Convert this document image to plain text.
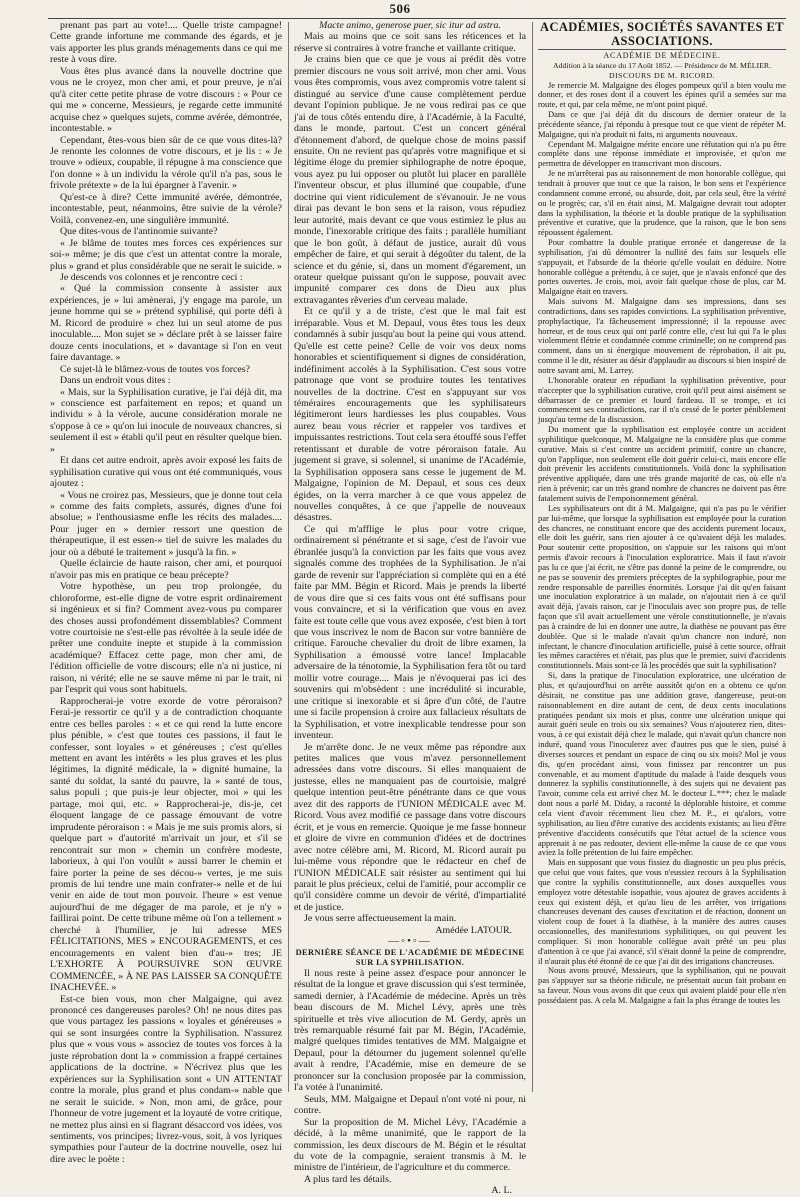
506

prenant pas part au vote!.... Quelle triste campagne! Cette grande infortune me commande des égards, et je vais apporter les plus grands ménagements dans ce qui me reste à vous dire.

Vous êtes plus avancé dans la nouvelle doctrine que vous ne le croyez, mon cher ami, et pour preuve, je n'ai qu'à citer cette petite phrase de votre discours : « Pour ce qui me » concerne, Messieurs, je regarde cette immunité acquise chez » quelques sujets, comme avérée, démontrée, incontestable. »

Cependant, êtes-vous bien sûr de ce que vous dites-là? Je renonte les colonnes de votre discours, et je lis : « Je trouve » odieux, coupable, il répugne à ma conscience que l'on donne » à un individu la vérole qu'il n'a pas, sous le frivole prétexte » de la lui épargner à l'avenir. »

Qu'est-ce à dire? Cette immunité avérée, démontrée, incontestable, peut, néanmoins, être suivie de la vérole? Voilà, convenez-en, une singulière immunité.

Que dites-vous de l'antinomie suivante?

« Je blâme de toutes mes forces ces expériences sur soi-» même; je dis que c'est un attentat contre la morale, plus » grand et plus considérable que ne serait le suicide. »

Je descends vos colonnes et je rencontre ceci :

« Qué la commission consente à assister aux expériences, je » lui amènerai, j'y engage ma parole, un jeune homme qui se » prétend syphilisé, qui porte défi à M. Ricord de produire » chez lui un seul atome de pus inoculable.... Mon sujet se » déclare prêt à se laisser faire douze cents inoculations, et » davantage si l'on en veut faire davantage. »

Ce sujet-là le blâmez-vous de toutes vos forces?

Dans un endroit vous dites :

« Mais, sur la Syphilisation curative, je l'ai déjà dit, ma » conscience est parfaitement en repos; et quand un individu » à la vérole, aucune considération morale ne s'oppose à ce » qu'on lui inocule de nouveaux chancres, si seulement il est » établi qu'il peut en résulter quelque bien. »

Et dans cet autre endroit, après avoir exposé les faits de syphilisation curative qui vous ont été communiqués, vous ajoutez :

« Vous ne croirez pas, Messieurs, que je donne tout cela » comme des faits complets, assurés, dignes d'une foi absolue; » l'enthousiasme enfle les récits des malades.... Pour juger en » dernier ressort une question de thérapeutique, il est essen-» tiel de suivre les malades du jour où a débuté le traitement » jusqu'à la fin. »

Quelle éclaircie de haute raison, cher ami, et pourquoi n'avoir pas mis en pratique ce beau précepte?

Votre hypothèse, un peu trop prolongée, du chloroforme, est-elle digne de votre esprit ordinairement si ingénieux et si fin? Comment avez-vous pu comparer des choses aussi profondément dissemblables? Comment votre courtoisie ne s'est-elle pas révoltée à la seule idée de prêter une conduite inepte et stupide à la commission académique? Effacez cette page, mon cher ami, de l'édition officielle de votre discours; elle n'a ni justice, ni raison, ni vérité; elle ne se sauve même ni par le trait, ni par l'esprit qui vous sont habituels.

Rapprocherai-je votre exorde de votre péroraison? Ferai-je ressortir ce qu'il y a de contradiction choquante entre ces belles paroles : « et ce qui rend la lutte encore plus pénible, » c'est que toutes ces passions, il faut le confesser, sont loyales » et généreuses ; c'est qu'elles mettent en avant les intérêts » les plus graves et les plus légitimes, la dignité médicale, la » dignité humaine, la santé du soldat, la santé du pauvre, la » santé de tous, salus populi ; que puis-je leur objecter, moi » qui les partage, moi qui, etc. » Rapprocherai-je, dis-je, cet éloquent langage de ce passage émouvant de votre imprudente péroraison : « Mais je me suis promis alors, si quelque part » d'autorité m'arrivait un jour, et s'il se rencontrait sur mon » chemin un confrère modeste, laborieux, à qui l'on voulût » aussi barrer le chemin et faire porter la peine de ses décou-» vertes, je me suis promis de lui tendre une main confrater-» nelle et de lui venir en aide de tout mon pouvoir. l'heure » est venue aujourd'hui de me dégager de ma parole, et je n'y » faillirai point. De cette tribune même où l'on a tellement » cherché à l'humilier, je lui adresse MES FÉLICITATIONS, MES » ENCOURAGEMENTS, et ces encouragements en valent bien d'au-» tres; JE L'EXHORTE À POURSUIVRE SON ŒUVRE COMMENCÉE, » À NE PAS LAISSER SA CONQUÊTE INACHEVÉE. »

Est-ce bien vous, mon cher Malgaigne, qui avez prononcé ces dangereuses paroles? Oh! ne nous dites pas que vous partagez les passions « loyales et généreuses » qui se sont insurgées contre la Syphilisation. N'assurez plus que « vous vous » associez de toutes vos forces à la juste réprobation dont la » commission a frappé certaines applications de la doctrine. » N'écrivez plus que les expériences sur la Syphilisation sont « UN ATTENTAT contre la morale, plus grand et plus condam-» nable que ne serait le suicide. » Non, mon ami, de grâce, pour l'honneur de votre jugement et la loyauté de votre critique, ne mettez plus ainsi en si flagrant désaccord vos idées, vos sentiments, vos principes; livrez-vous, soit, à vos lyriques sympathies pour l'auteur de la doctrine nouvelle, osez lui dire avec le poëte :

Macte animo, generose puer, sic itur ad astra.

Mais au moins que ce soit sans les réticences et la réserve si contraires à votre franche et vaillante critique.

Je crains bien que ce que je vous ai prédit dès votre premier discours ne vous soit arrivé, mon cher ami. Vous vous êtes compromis, vous avez compromis votre talent si distingué au service d'une cause complètement perdue devant l'opinion publique. Je ne vous redirai pas ce que j'ai de tous côtés entendu dire, à l'Académie, à la Faculté, dans le monde, partout. C'est un concert général d'étonnement d'abord, de quelque chose de moins passif ensuite. On ne revient pas qu'après votre magnifique et si légitime éloge du premier siphilographe de notre époque, vous ayez pu lui opposer ou plutôt lui placer en parallèle l'inventeur obscur, et plus illuminé que coupable, d'une doctrine qui vient ridiculement de s'évanouir. Je ne vous dirai pas devant le bon sens et la raison, vous répudiez leur autorité, mais devant ce que vous estimiez le plus au monde, l'inexorable critique des faits ; parallèle humiliant que le bon goût, à défaut de justice, aurait dû vous empêcher de faire, et qui serait à dégoûter du talent, de la science et du génie, si, dans un moment d'égarement, un orateur quelque puissant qu'on le suppose, pouvait avec impunité comparer ces dons de Dieu aux plus extravagantes rêveries d'un cerveau malade.

Et ce qu'il y a de triste, c'est que le mal fait est irréparable. Vous et M. Depaul, vous êtes tous les deux condamnés à subir jusqu'au bout la peine qui vous attend. Qu'elle est cette peine? Celle de voir vos deux noms honorables et scientifiquement si dignes de considération, indéfiniment accolés à la Syphilisation. C'est sous votre patronage que vont se produire toutes les tentatives nouvelles de la doctrine. C'est en s'appuyant sur vos téméraires encouragements que les syphilisateurs légitimeront leurs hardiesses les plus coupables. Vous aurez beau vous récrier et rappeler vos tardives et impuissantes restrictions. Tout cela sera étouffé sous l'effet retentissant et durable de votre péroraison fatale. Au jugement si grave, si solennel, si unanime de l'Académie, la Syphilisation opposera sans cesse le jugement de M. Malgaigne, l'opinion de M. Depaul, et sous ces deux égides, on la verra marcher à ce que vous appelez de nouvelles conquêtes, à ce que j'appelle de nouveaux désastres.

Ce qui m'afflige le plus pour votre crique, ordinairement si pénétrante et si sage, c'est de l'avoir vue ébranlée jusqu'à la conviction par les faits que vous avez signalés comme des trophées de la Syphilisation. Je n'ai garde de revenir sur l'appréciation si complète qui en a été faite par MM. Bégin et Ricord. Mais je prends la liberté de vous dire que si ces faits vous ont été suffisans pour vous convaincre, et si la vérification que vous en avez faite est toute celle que vous avez exposée, c'est bien à tort que vous inscrivez le nom de Bacon sur votre bannière de critique. Farouche chevalier du droit de libre examen, la Syphilisation a émoussé votre lance! Implacable adversaire de la ténotomie, la Syphilisation fera tôt ou tard mollir votre courage.... Mais je n'évoquerai pas ici des souvenirs qui m'obsèdent : une incrédulité si incurable, une critique si inexorable et si âpre d'un côté, de l'autre une si facile propension à croire aux fallacieux résultats de la Syphilisation, et votre inexplicable tendresse pour son inventeur.

Je m'arrête donc. Je ne veux même pas répondre aux petites malices que vous m'avez personnellement adressées dans votre discours. Si elles manquaient de justesse, elles ne manquaient pas de courtoisie, malgré quelque intention peut-être pénétrante dans ce que vous avez dit des rapports de l'UNION MÉDICALE avec M. Ricord. Vous avez modifié ce passage dans votre discours écrit, et je vous en remercie. Quoique je me fasse honneur et gloire de vivre en communion d'idées et de doctrines avec notre célèbre ami, M. Ricord, M. Ricord aurait pu lui-même vous répondre que le rédacteur en chef de l'UNION MÉDICALE sait résister au sentiment qui lui parait le plus précieux, celui de l'amitié, pour accomplir ce qu'il considère comme un devoir de vérité, d'impartialité et de justice.

Je vous serre affectueusement la main.

Amédée LATOUR.

—◦•◦—

DERNIÈRE SÉANCE DE L'ACADÉMIE DE MÉDECINE SUR LA SYPHILISATION.

Il nous reste à peine assez d'espace pour annoncer le résultat de la longue et grave discussion qui s'est terminée, samedi dernier, à l'Académie de médecine. Après un très beau discours de M. Michel Lévy, après une très spirituelle et très vive allocution de M. Gerdy, après un très remarquable résumé fait par M. Bégin, l'Académie, malgré quelques timides tentatives de MM. Malgaigne et Depaul, pour la détourner du jugement solennel qu'elle avait à rendre, l'Académie, mise en demeure de se prononcer sur la conclusion proposée par la commission, l'a votée à l'unanimité.

Seuls, MM. Malgaigne et Depaul n'ont voté ni pour, ni contre.

Sur la proposition de M. Michel Lévy, l'Académie a décidé, à la même unanimité, que le rapport de la commission, les deux discours de M. Bégin et le résultat du vote de la compagnie, seraient transmis à M. le ministre de l'intérieur, de l'agriculture et du commerce.

A plus tard les détails.

A. L.

ACADÉMIES, SOCIÉTÉS SAVANTES ET ASSOCIATIONS.

ACADÉMIE DE MÉDECINE.

Addition à la séance du 17 Août 1852. — Présidence de M. MÉLIER.

DISCOURS DE M. RICORD.

Je remercie M. Malgaigne des éloges pompeux qu'il a bien voulu me donner, et des roses dont il a couvert les épines qu'il a semées sur ma route, et qui, par cela même, ne m'ont point piqué.

Dans ce que j'ai déjà dit du discours de dernier orateur de la précédente séance, j'ai répondu à presque tout ce que vient de répéter M. Malgaigne, qui n'a produit ni faits, ni arguments nouveaux.

Cependant M. Malgaigne mérite encore une réfutation qui n'a pu être complète dans une réponse immédiate et improvisée, et qu'on me permettra de développer en transcrivant mon discours.

Je ne m'arrêterai pas au raisonnement de mon honorable collègue, qui tendrait à prouver que tout ce que la raison, le bon sens et l'expérience condamnent comme erroné, ou absurde, doit, par cela seul, être la vérité ou le progrès; car, s'il en était ainsi, M. Malgaigne devrait tout adopter dans la syphilisation, la théorie et la double pratique de la syphilisation préventive et curative, que la prudence, que la raison, que le bon sens répoussent également.

Pour combattre la double pratique erronée et dangereuse de la syphilisation, j'ai dû démontrer la nullité des faits sur lesquels elle s'appuyait, et l'absurde de la théorie qu'elle voulait en déduire. Notre honorable collègue a prétendu, à ce sujet, que je n'avais enfoncé que des portes ouvertes. Je crois, moi, avoir fait quelque chose de plus, car M. Malgaigne était en travers.

Mais suivons M. Malgaigne dans ses impressions, dans ses contradictions, dans ses rapides convictions. La syphilisation préventive, prophylactique, l'a fâcheusement impressionné; il la repousse avec horreur, et de tous ceux qui ont parlé contre elle, c'est lui qui l'a le plus violemment flétrie et condamnée comme criminelle; on ne comprend pas comment, dans un si énergique mouvement de réprobation, il ait pu, comme il le dit, résister au désir d'applaudir au discours si bien inspiré de notre savant ami, M. Larrey.

L'honorable orateur en répudiant la syphilisation préventive, pour n'accepter que la syphilisation curative, croit qu'il peut ainsi aisément se débarrasser de ce premier et lourd fardeau. Il se trompe, et ici commencent ses contradictions, car il n'a cessé de le porter péniblement jusqu'au terme de la discussion.

Du moment que la syphilisation est employée contre un accident syphilitique quelconque, M. Malgaigne ne la considère plus que comme curative. Mais si c'est contre un accident primitif, contre un chancre, qu'on l'applique, non seulement elle doit guérir celui-ci, mais encore elle doit prévenir les accidents constitutionnels. Voilà donc la syphilisation préventive appliquée, dans une très grande majorité de cas, où elle n'a rien à prévenir; car un très grand nombre de chancres ne doivent pas être fatalement suivis de l'empoisonnement général.

Les syphilisateurs ont dit à M. Malgaigne, qui n'a pas pu le vérifier par lui-même, que lorsque la syphilisation est employée pour la curation des chancres, ne constituant encore que des accidents purement locaux, elle doit les guérir, sans rien ajouter à ce qu'avaient déjà les malades. Pour soutenir cette proposition, on s'appuie sur les raisons qui m'ont permis d'avoir recours à l'inoculation exploratrice. Mais il faut n'avoir pas lu ce que j'ai écrit, ne s'être pas donné la peine de le comprendre, ou ne pas se souvenir des premiers préceptes de la syphilographie, pour me rendre responsable de pareilles énormités. Lorsque j'ai dit qu'en faisant une inoculation exploratrice à un malade, on n'ajoutait rien à ce qu'il avait déjà, j'avais raison, car je l'inoculais avec son propre pus, de telle façon que s'il avait actuellement une vérole constitutionnelle, je n'avais pas à craindre de lui en donner une autre, la diathèse ne pouvant pas être doublée. Que si le malade n'avait qu'un chancre non induré, non infectant, le chancre d'inoculation artificielle, puisé à cette source, offrait les mêmes caractères et n'était, pas plus que le premier, suivi d'accidents constitutionnels. Mais sont-ce là les procédés que suit la syphilisation?

Si, dans la pratique de l'inoculation exploratrice, une ulcération de plus, et qu'aujourd'hui on arrête aussitôt qu'on en a obtenu ce qu'on désirait, ne constitue pas une addition grave, dangereuse, peut-on raisonnablement en dire autant de cent, de deux cents inoculations pratiquées pendant six mois et plus, contre une ulcération unique qui aurait guéri seule en trois ou six semaines? Vous n'ajouterez rien, dites-vous, à ce qui existait déjà chez le malade, qui n'avait qu'un chancre non induré, quand vous l'inoculerez avec d'autres pus que le sien, puisé à diverses sources et pendant un espace de cinq ou six mois? Mol je vous dis, qu'en procédant ainsi, vous finissez par rencontrer un pus convenable, et au moment d'aptitude du malade à l'aide desquels vous donnerez la syphilis constitutionnelle, à des sujets qui ne devaient pas l'avoir, comme cela est arrivé chez M. le docteur L.***; chez le malade dont nous a parlé M. Diday, a raconté la déplorable histoire, et comme cela vient d'avoir récemment lieu chez M. P.., et qu'alors, votre syphilisation, au lieu d'être curative des accidents existants; au lieu d'être préventive d'accidents consécutifs que l'état actuel de la science vous apprenait à ne pas redouter, devient elle-même la cause de ce que vous aviez la folle prétention de lui faire empêcher.

Mais en supposant que vous fissiez du diagnostic un peu plus précis, que celui que vous faites, que vous n'eussiez recours à la Syphilisation que contre la syphilis constitutionnelle, aux doses auxquelles vous employez votre détestable isopathie, vous ajoutez de graves accidents à ceux qui existent déjà, et qu'au lieu de les arrêter, vos irrigations chancreuses devenant des causes d'excitation et de réaction, donnent un violent coup de fouet à la diathèse, à la manière des autres causes occasionnelles, des manifestations syphilitiques, ou qui peuvent les compliquer. Si mon honorable collègue avait prêté un peu plus d'attention à ce que j'ai avancé, s'il s'était donné la peine de comprendre, il n'aurait plus été étonné de ce que j'ai dit des irrigations chancreuses.

Nous avons prouvé, Messieurs, que la syphilisation, qui ne pouvait pas s'appuyer sur sa théorie ridicule, ne présentait aucun fait probant en sa faveur. Nous vous avons dit que ceux qui avaient plaidé pour elle n'en possédaient pas. A cela M. Malgaigne a fait la plus étrange de toutes les
